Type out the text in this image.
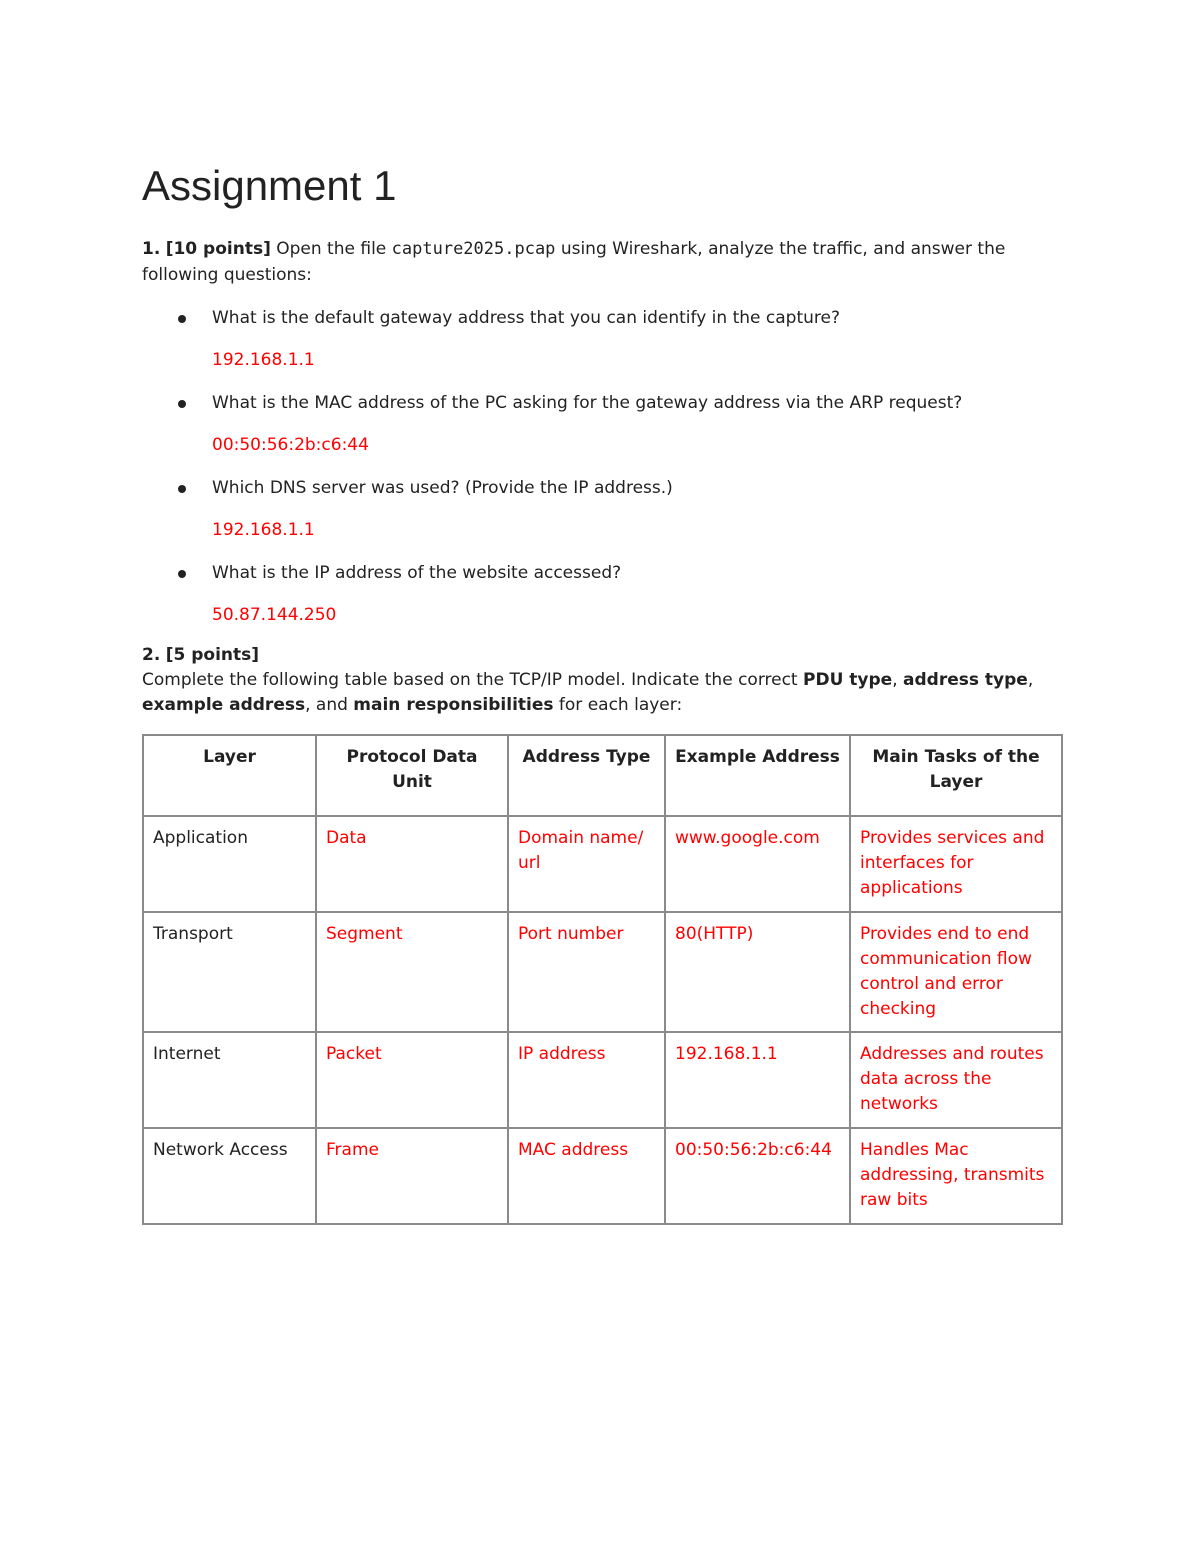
Assignment 1
1. [10 points] Open the file capture2025.pcap using Wireshark, analyze the traffic, and answer the following questions:
What is the default gateway address that you can identify in the capture?
192.168.1.1
What is the MAC address of the PC asking for the gateway address via the ARP request?
00:50:56:2b:c6:44
Which DNS server was used? (Provide the IP address.)
192.168.1.1
What is the IP address of the website accessed?
50.87.144.250
2. [5 points]
Complete the following table based on the TCP/IP model. Indicate the correct PDU type, address type, example address, and main responsibilities for each layer:
Layer	Protocol Data Unit	Address Type	Example Address	Main Tasks of the Layer
Application	Data	Domain name/ url	www.google.com	Provides services and interfaces for applications
Transport	Segment	Port number	80(HTTP)	Provides end to end communication flow control and error checking
Internet	Packet	IP address	192.168.1.1	Addresses and routes data across the networks
Network Access	Frame	MAC address	00:50:56:2b:c6:44	Handles Mac addressing, transmits raw bits
